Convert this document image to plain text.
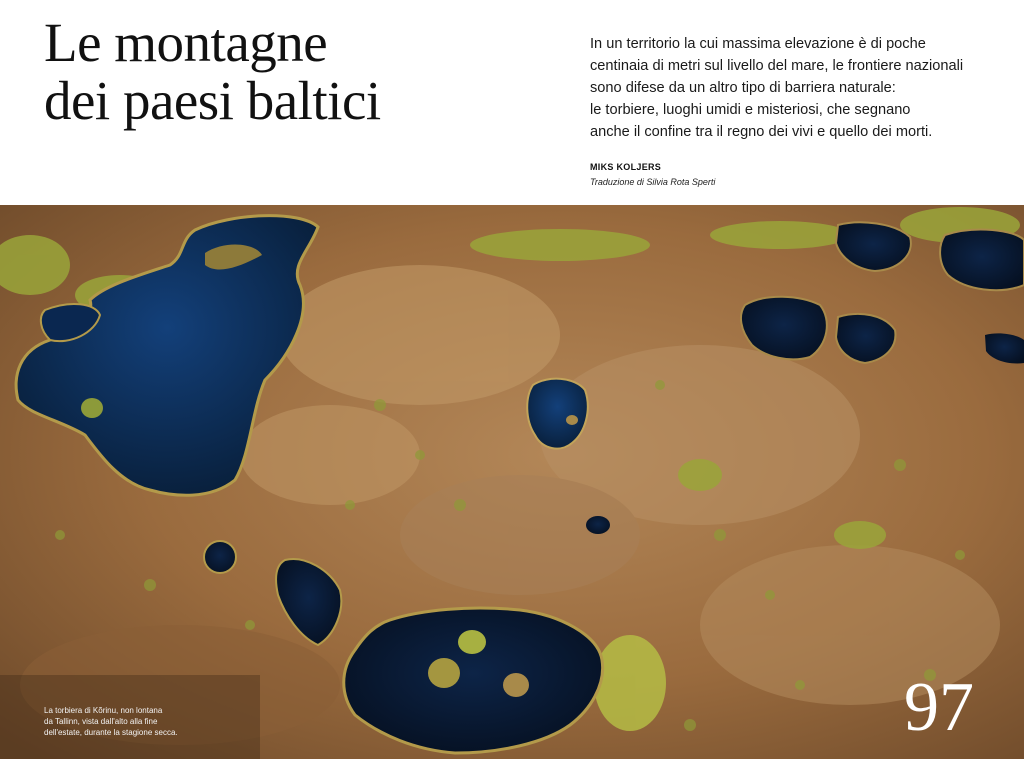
Le montagne
dei paesi baltici

In un territorio la cui massima elevazione è di poche
centinaia di metri sul livello del mare, le frontiere nazionali
sono difese da un altro tipo di barriera naturale:
le torbiere, luoghi umidi e misteriosi, che segnano
anche il confine tra il regno dei vivi e quello dei morti.

MIKS KOLJERS
Traduzione di Silvia Rota Sperti
La torbiera di Kõrinu, non lontana
da Tallinn, vista dall'alto alla fine
dell'estate, durante la stagione secca.	97
